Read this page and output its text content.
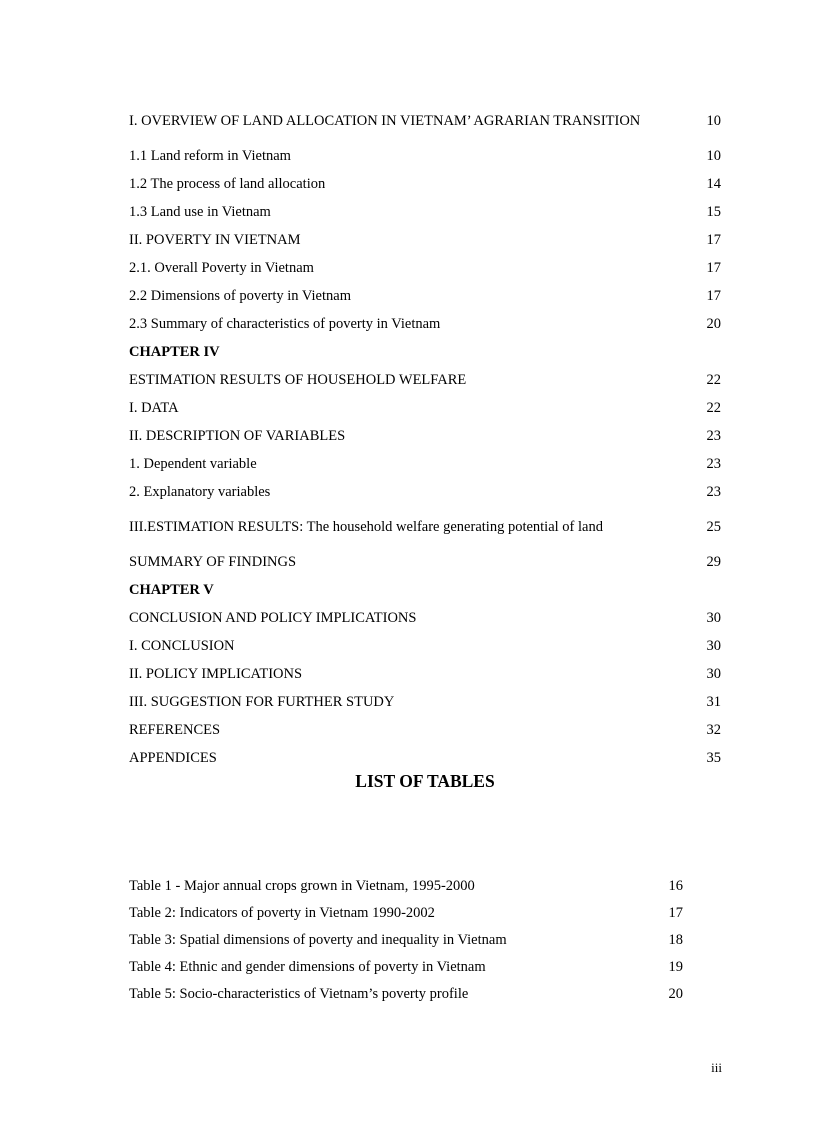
I. OVERVIEW OF LAND ALLOCATION IN VIETNAM’ AGRARIAN TRANSITION	10
1.1 Land reform in Vietnam	10
1.2 The process of land allocation	14
1.3 Land use in Vietnam	15
II. POVERTY IN VIETNAM	17
2.1. Overall Poverty in Vietnam	17
2.2 Dimensions of poverty in Vietnam	17
2.3 Summary of characteristics of poverty in Vietnam	20
CHAPTER IV
ESTIMATION RESULTS OF HOUSEHOLD WELFARE	22
I. DATA	22
II. DESCRIPTION OF VARIABLES	23
1. Dependent variable	23
2. Explanatory variables	23
III.ESTIMATION RESULTS: The household welfare generating potential of land	25
SUMMARY OF FINDINGS	29
CHAPTER V
CONCLUSION AND POLICY IMPLICATIONS	30
I. CONCLUSION	30
II. POLICY IMPLICATIONS	30
III. SUGGESTION FOR FURTHER STUDY	31
REFERENCES	32
APPENDICES	35
LIST OF TABLES
Table 1 - Major annual crops grown in Vietnam, 1995-2000	16
Table 2: Indicators of poverty in Vietnam 1990-2002	17
Table 3: Spatial dimensions of poverty and inequality in Vietnam	18
Table 4: Ethnic and gender dimensions of poverty in Vietnam	19
Table 5: Socio-characteristics of Vietnam’s poverty profile	20
iii
